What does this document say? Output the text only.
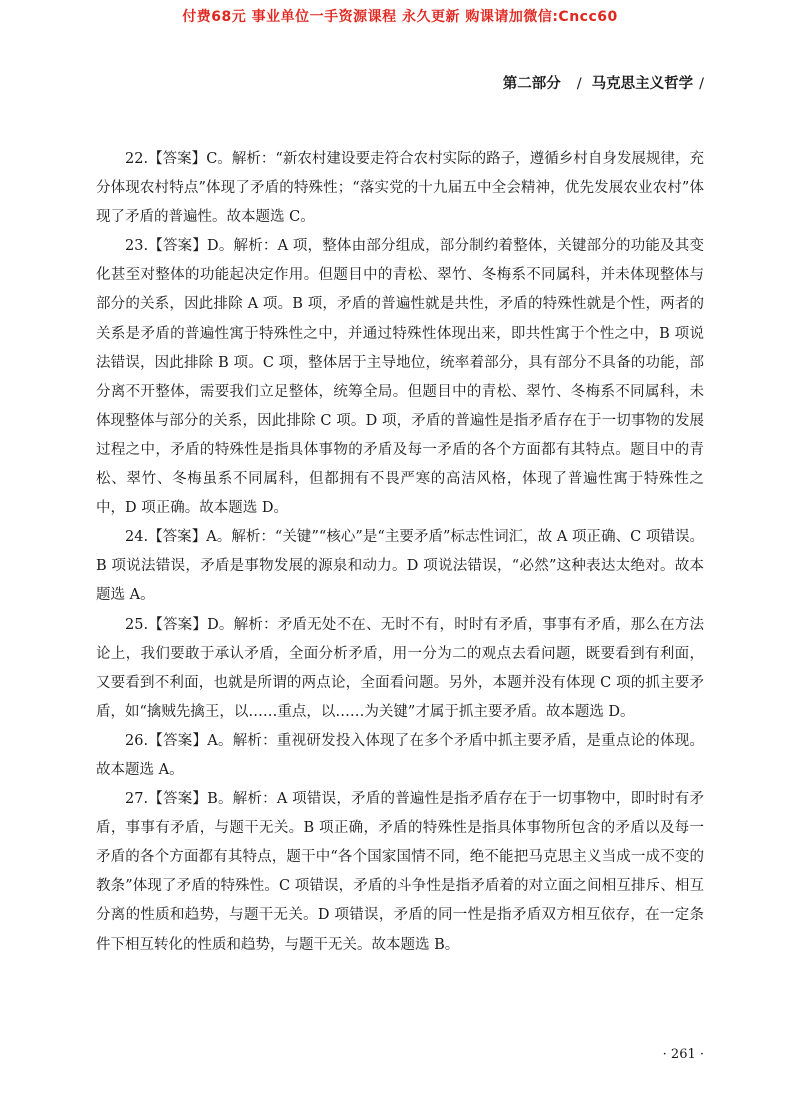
付费68元 事业单位一手资源课程 永久更新 购课请加微信:Cncc60
第二部分 / 马克思主义哲学 /

22.【答案】C。解析：“新农村建设要走符合农村实际的路子，遵循乡村自身发展规律，充分体现农村特点”体现了矛盾的特殊性；“落实党的十九届五中全会精神，优先发展农业农村”体现了矛盾的普遍性。故本题选 C。

23.【答案】D。解析：A 项，整体由部分组成，部分制约着整体，关键部分的功能及其变化甚至对整体的功能起决定作用。但题目中的青松、翠竹、冬梅系不同属科，并未体现整体与部分的关系，因此排除 A 项。B 项，矛盾的普遍性就是共性，矛盾的特殊性就是个性，两者的关系是矛盾的普遍性寓于特殊性之中，并通过特殊性体现出来，即共性寓于个性之中，B 项说法错误，因此排除 B 项。C 项，整体居于主导地位，统率着部分，具有部分不具备的功能，部分离不开整体，需要我们立足整体，统筹全局。但题目中的青松、翠竹、冬梅系不同属科，未体现整体与部分的关系，因此排除 C 项。D 项，矛盾的普遍性是指矛盾存在于一切事物的发展过程之中，矛盾的特殊性是指具体事物的矛盾及每一矛盾的各个方面都有其特点。题目中的青松、翠竹、冬梅虽系不同属科，但都拥有不畏严寒的高洁风格，体现了普遍性寓于特殊性之中，D 项正确。故本题选 D。

24.【答案】A。解析：“关键”“核心”是“主要矛盾”标志性词汇，故 A 项正确、C 项错误。B 项说法错误，矛盾是事物发展的源泉和动力。D 项说法错误，“必然”这种表达太绝对。故本题选 A。

25.【答案】D。解析：矛盾无处不在、无时不有，时时有矛盾，事事有矛盾，那么在方法论上，我们要敢于承认矛盾，全面分析矛盾，用一分为二的观点去看问题，既要看到有利面，又要看到不利面，也就是所谓的两点论，全面看问题。另外，本题并没有体现 C 项的抓主要矛盾，如“擒贼先擒王，以……重点，以……为关键”才属于抓主要矛盾。故本题选 D。

26.【答案】A。解析：重视研发投入体现了在多个矛盾中抓主要矛盾，是重点论的体现。故本题选 A。

27.【答案】B。解析：A 项错误，矛盾的普遍性是指矛盾存在于一切事物中，即时时有矛盾，事事有矛盾，与题干无关。B 项正确，矛盾的特殊性是指具体事物所包含的矛盾以及每一矛盾的各个方面都有其特点，题干中“各个国家国情不同，绝不能把马克思主义当成一成不变的教条”体现了矛盾的特殊性。C 项错误，矛盾的斗争性是指矛盾着的对立面之间相互排斥、相互分离的性质和趋势，与题干无关。D 项错误，矛盾的同一性是指矛盾双方相互依存，在一定条件下相互转化的性质和趋势，与题干无关。故本题选 B。

· 261 ·
